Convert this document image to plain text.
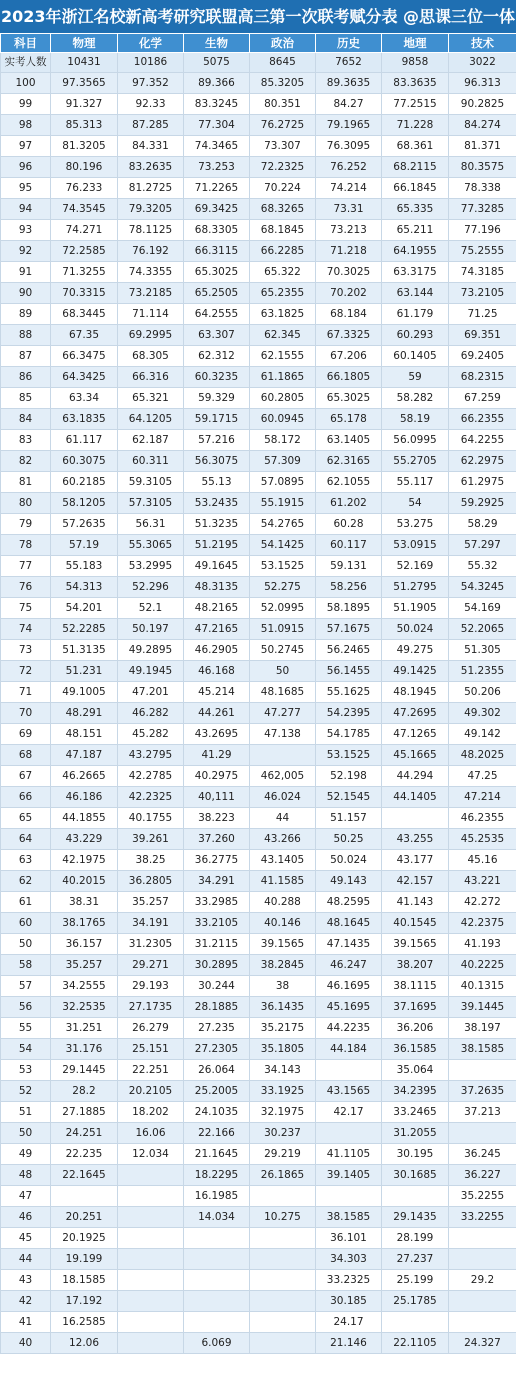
2023年浙江名校新高考研究联盟高三第一次联考赋分表 @思课三位一体
科目	物理	化学	生物	政治	历史	地理	技术
实考人数	10431	10186	5075	8645	7652	9858	3022
100	97.3565	97.352	89.366	85.3205	89.3635	83.3635	96.313
99	91.327	92.33	83.3245	80.351	84.27	77.2515	90.2825
98	85.313	87.285	77.304	76.2725	79.1965	71.228	84.274
97	81.3205	84.331	74.3465	73.307	76.3095	68.361	81.371
96	80.196	83.2635	73.253	72.2325	76.252	68.2115	80.3575
95	76.233	81.2725	71.2265	70.224	74.214	66.1845	78.338
94	74.3545	79.3205	69.3425	68.3265	73.31	65.335	77.3285
93	74.271	78.1125	68.3305	68.1845	73.213	65.211	77.196
92	72.2585	76.192	66.3115	66.2285	71.218	64.1955	75.2555
91	71.3255	74.3355	65.3025	65.322	70.3025	63.3175	74.3185
90	70.3315	73.2185	65.2505	65.2355	70.202	63.144	73.2105
89	68.3445	71.114	64.2555	63.1825	68.184	61.179	71.25
88	67.35	69.2995	63.307	62.345	67.3325	60.293	69.351
87	66.3475	68.305	62.312	62.1555	67.206	60.1405	69.2405
86	64.3425	66.316	60.3235	61.1865	66.1805	59	68.2315
85	63.34	65.321	59.329	60.2805	65.3025	58.282	67.259
84	63.1835	64.1205	59.1715	60.0945	65.178	58.19	66.2355
83	61.117	62.187	57.216	58.172	63.1405	56.0995	64.2255
82	60.3075	60.311	56.3075	57.309	62.3165	55.2705	62.2975
81	60.2185	59.3105	55.13	57.0895	62.1055	55.117	61.2975
80	58.1205	57.3105	53.2435	55.1915	61.202	54	59.2925
79	57.2635	56.31	51.3235	54.2765	60.28	53.275	58.29
78	57.19	55.3065	51.2195	54.1425	60.117	53.0915	57.297
77	55.183	53.2995	49.1645	53.1525	59.131	52.169	55.32
76	54.313	52.296	48.3135	52.275	58.256	51.2795	54.3245
75	54.201	52.1	48.2165	52.0995	58.1895	51.1905	54.169
74	52.2285	50.197	47.2165	51.0915	57.1675	50.024	52.2065
73	51.3135	49.2895	46.2905	50.2745	56.2465	49.275	51.305
72	51.231	49.1945	46.168	50	56.1455	49.1425	51.2355
71	49.1005	47.201	45.214	48.1685	55.1625	48.1945	50.206
70	48.291	46.282	44.261	47.277	54.2395	47.2695	49.302
69	48.151	45.282	43.2695	47.138	54.1785	47.1265	49.142
68	47.187	43.2795	41.29		53.1525	45.1665	48.2025
67	46.2665	42.2785	40.2975	462,005	52.198	44.294	47.25
66	46.186	42.2325	40,111	46.024	52.1545	44.1405	47.214
65	44.1855	40.1755	38.223	44	51.157		46.2355
64	43.229	39.261	37.260	43.266	50.25	43.255	45.2535
63	42.1975	38.25	36.2775	43.1405	50.024	43.177	45.16
62	40.2015	36.2805	34.291	41.1585	49.143	42.157	43.221
61	38.31	35.257	33.2985	40.288	48.2595	41.143	42.272
60	38.1765	34.191	33.2105	40.146	48.1645	40.1545	42.2375
50	36.157	31.2305	31.2115	39.1565	47.1435	39.1565	41.193
58	35.257	29.271	30.2895	38.2845	46.247	38.207	40.2225
57	34.2555	29.193	30.244	38	46.1695	38.1115	40.1315
56	32.2535	27.1735	28.1885	36.1435	45.1695	37.1695	39.1445
55	31.251	26.279	27.235	35.2175	44.2235	36.206	38.197
54	31.176	25.151	27.2305	35.1805	44.184	36.1585	38.1585
53	29.1445	22.251	26.064	34.143		35.064	
52	28.2	20.2105	25.2005	33.1925	43.1565	34.2395	37.2635
51	27.1885	18.202	24.1035	32.1975	42.17	33.2465	37.213
50	24.251	16.06	22.166	30.237		31.2055	
49	22.235	12.034	21.1645	29.219	41.1105	30.195	36.245
48	22.1645		18.2295	26.1865	39.1405	30.1685	36.227
47			16.1985				35.2255
46	20.251		14.034	10.275	38.1585	29.1435	33.2255
45	20.1925				36.101	28.199	
44	19.199				34.303	27.237	
43	18.1585				33.2325	25.199	29.2
42	17.192				30.185	25.1785	
41	16.2585				24.17		
40	12.06		6.069		21.146	22.1105	24.327
